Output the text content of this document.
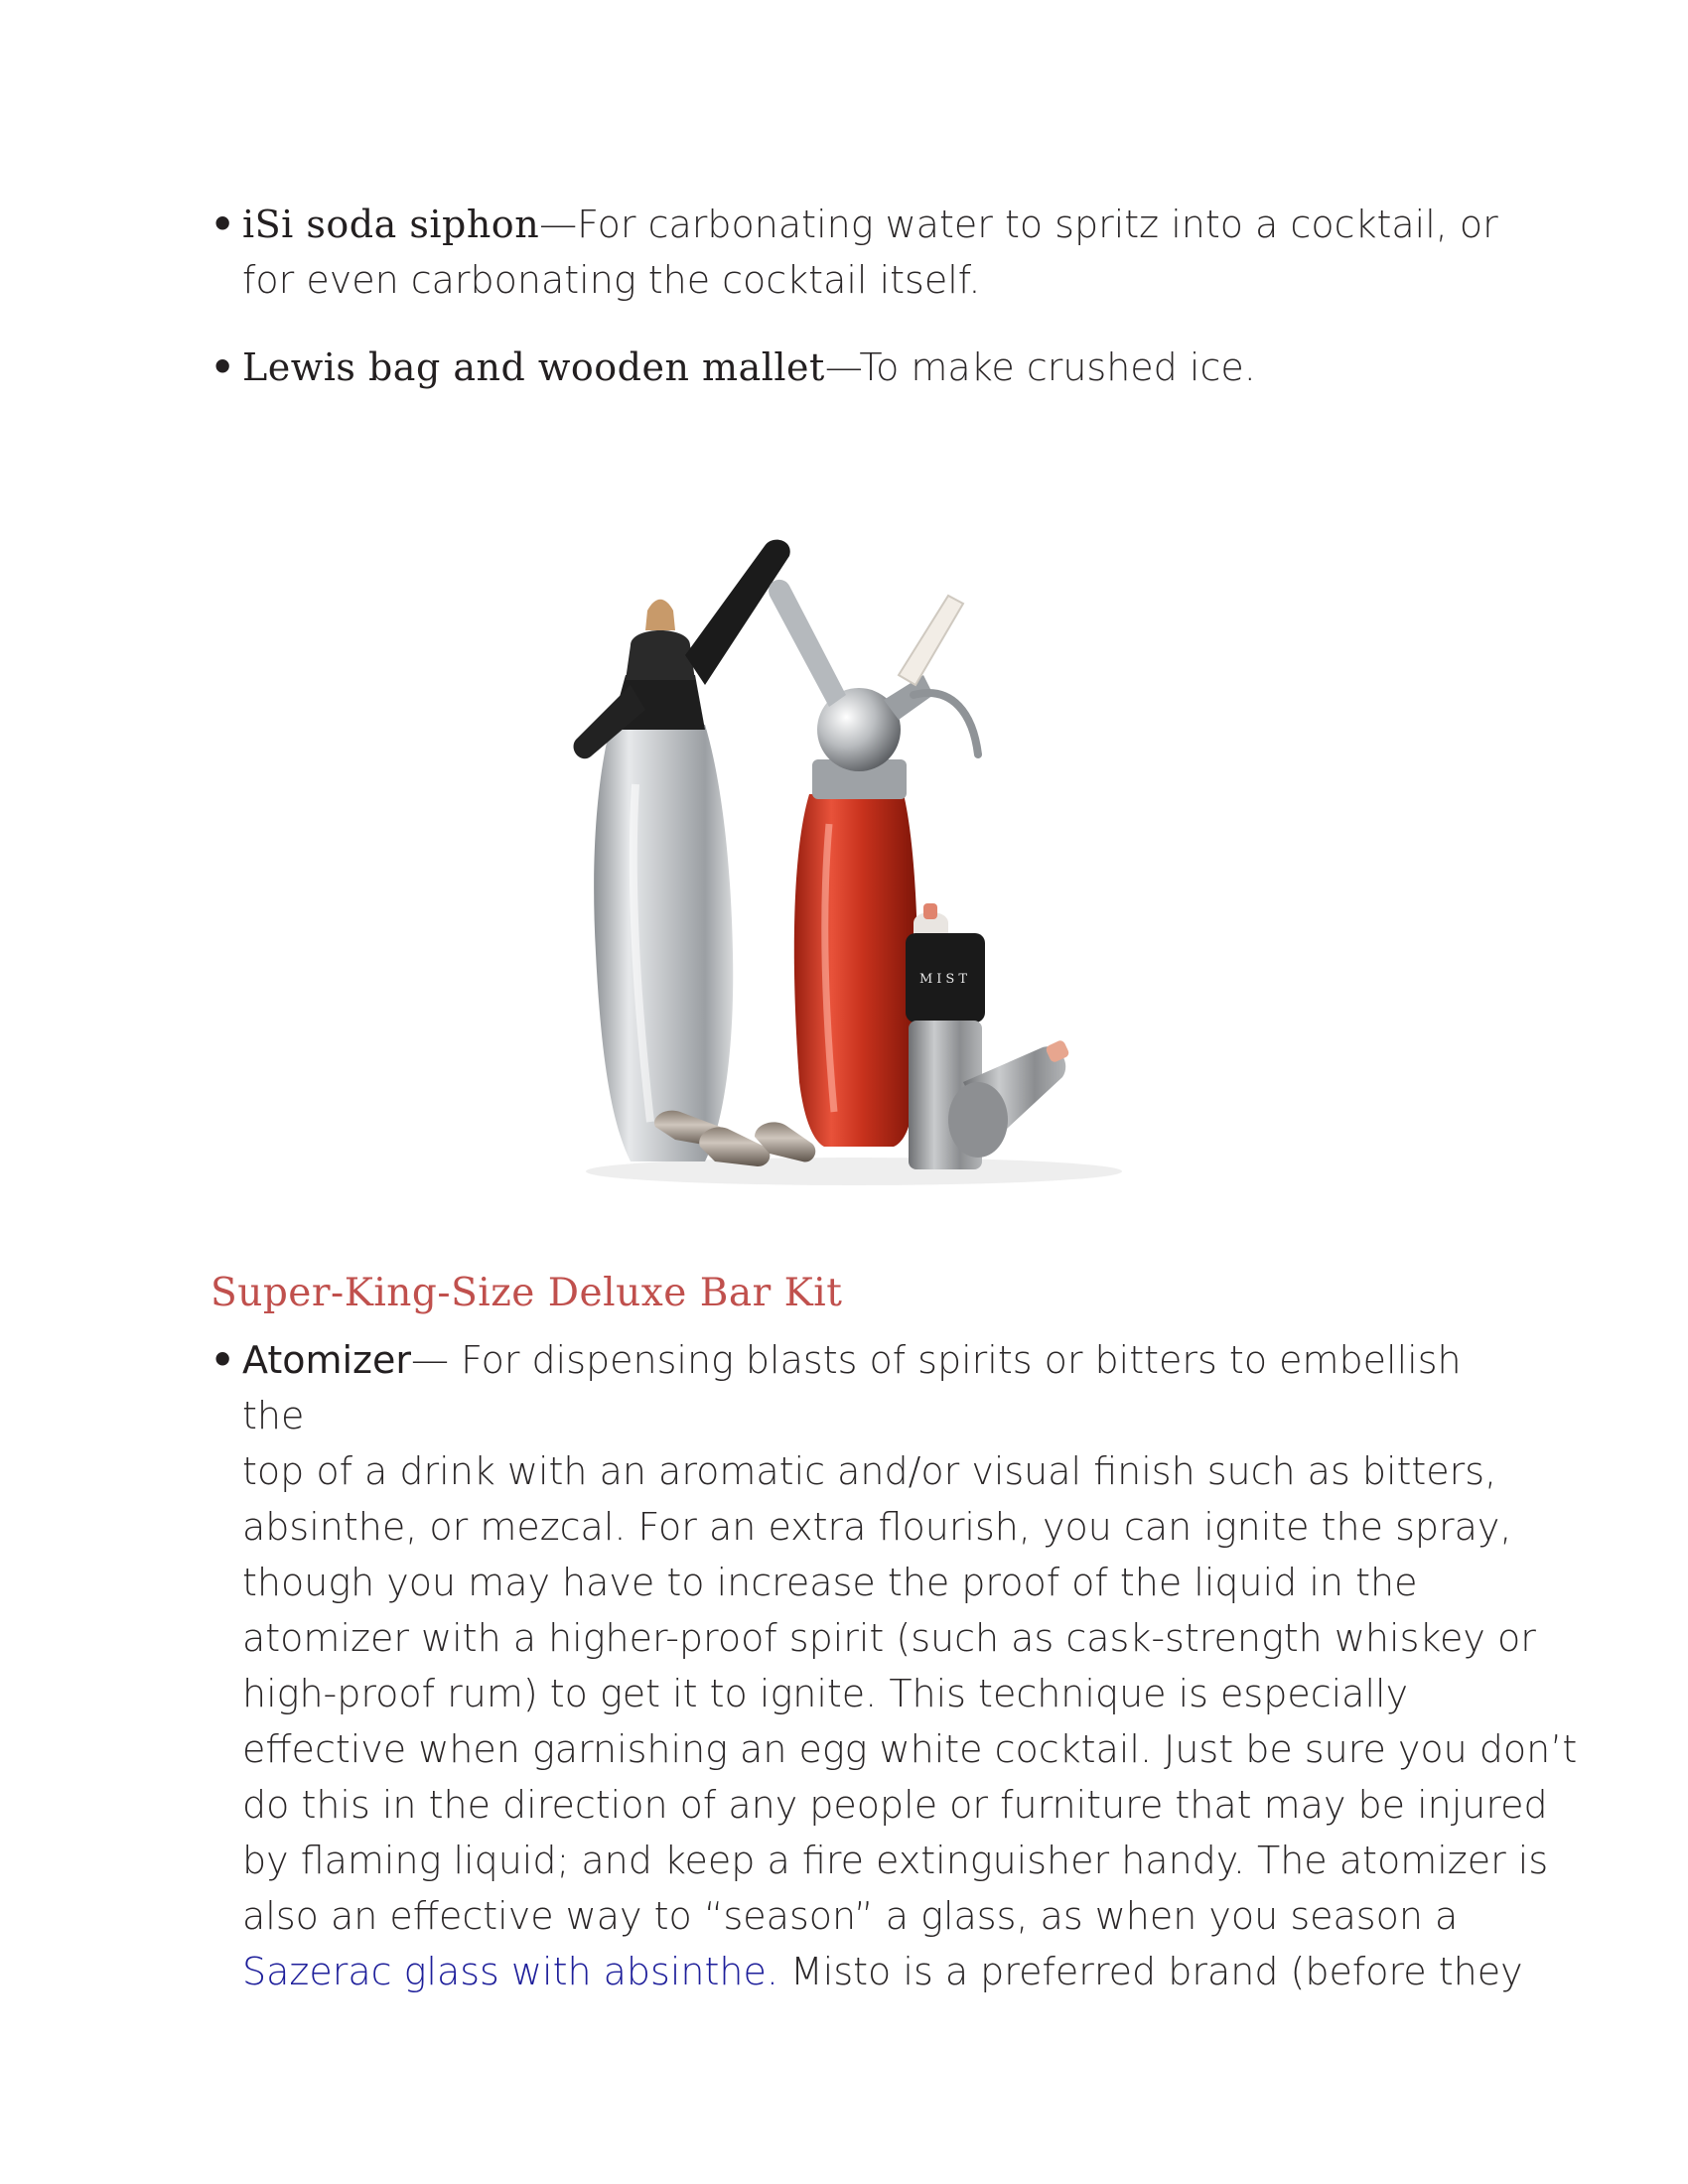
• iSi soda siphon—For carbonating water to spritz into a cocktail, or
for even carbonating the cocktail itself.
• Lewis bag and wooden mallet—To make crushed ice.
MIST
Super-King-Size Deluxe Bar Kit
• Atomizer— For dispensing blasts of spirits or bitters to embellish the
top of a drink with an aromatic and/or visual finish such as bitters,
absinthe, or mezcal. For an extra flourish, you can ignite the spray,
though you may have to increase the proof of the liquid in the
atomizer with a higher-proof spirit (such as cask-strength whiskey or
high-proof rum) to get it to ignite. This technique is especially
effective when garnishing an egg white cocktail. Just be sure you don’t
do this in the direction of any people or furniture that may be injured
by flaming liquid; and keep a fire extinguisher handy. The atomizer is
also an effective way to “season” a glass, as when you season a
Sazerac glass with absinthe. Misto is a preferred brand (before they
